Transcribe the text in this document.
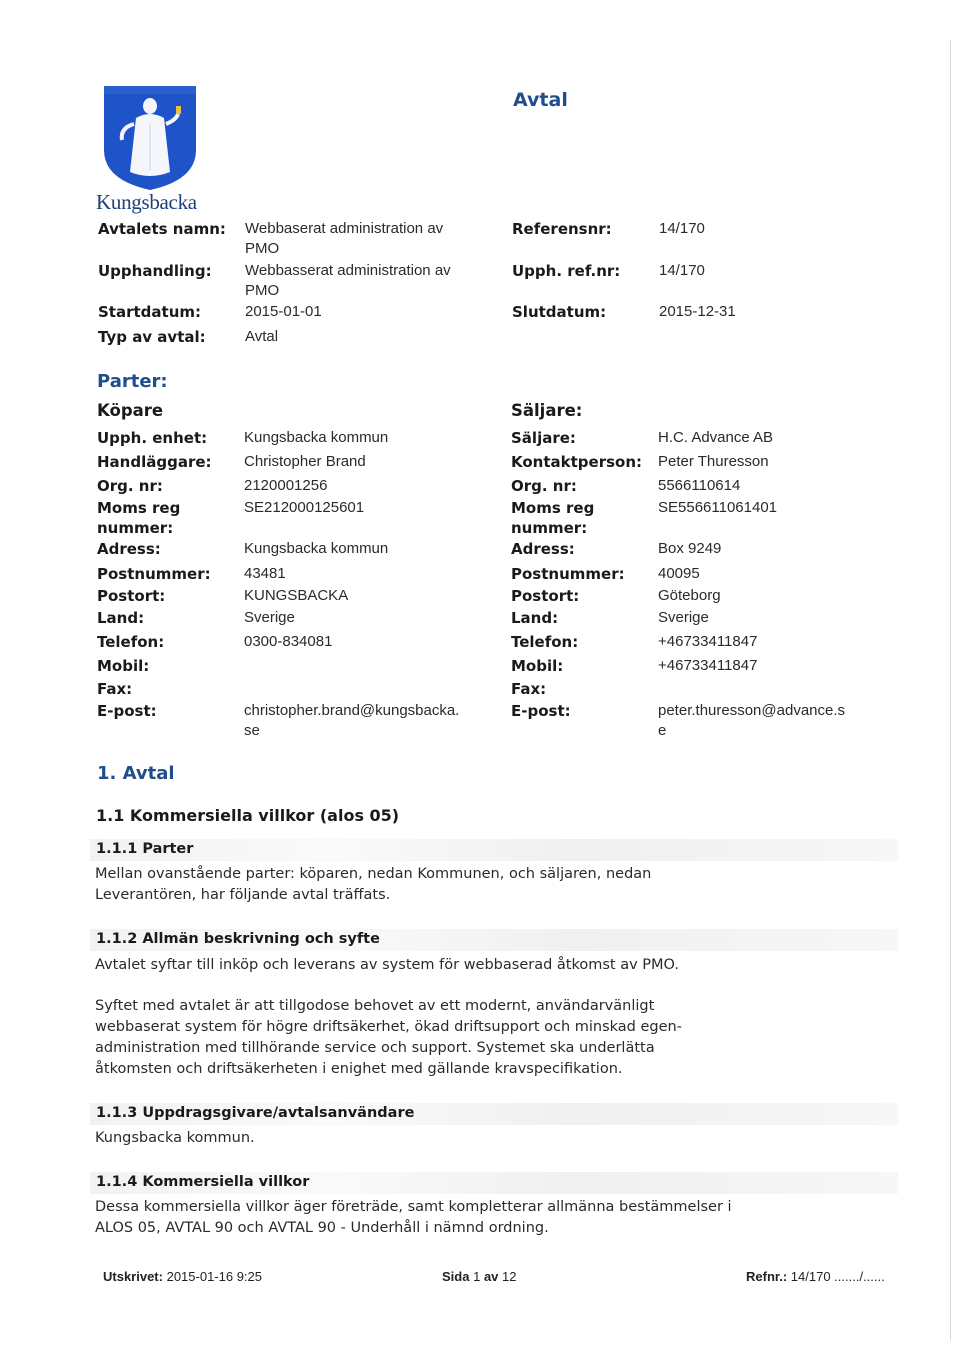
Kungsbacka
Avtal
Avtalets namn:	Webbaserat administration av PMO
Upphandling: Webbasserat administration av PMO
Startdatum:	2015-01-01
Typ av avtal:	Avtal
Referensnr:	14/170
Upph. ref.nr:	14/170
Slutdatum:	2015-12-31
Parter:
Köpare	Säljare:
Upph. enhet: Kungsbacka kommun
Handläggare: Christopher Brand
Org. nr:	2120001256
Moms reg nummer:
SE212000125601
Adress:	Kungsbacka kommun
Postnummer: 43481
Postort:	KUNGSBACKA
Land:	Sverige
Telefon:	0300-834081
Mobil:
Fax:
E-post:	christopher.brand@kungsbacka.se
Säljare:	H.C. Advance AB
Kontaktperson: Peter Thuresson
Org. nr:	5566110614
Moms reg nummer:
SE556611061401
Adress:	Box 9249
Postnummer: 40095
Postort:	Göteborg
Land:	Sverige
Telefon:	+46733411847
Mobil:	+46733411847
Fax:
E-post:	peter.thuresson@advance.se
1. Avtal
1.1 Kommersiella villkor (alos 05)
1.1.1 Parter
Mellan ovanstående parter: köparen, nedan Kommunen, och säljaren, nedan Leverantören, har följande avtal träffats.
1.1.2 Allmän beskrivning och syfte
Avtalet syftar till inköp och leverans av system för webbaserad åtkomst av PMO.
Syftet med avtalet är att tillgodose behovet av ett modernt, användarvänligt webbaserat system för högre driftsäkerhet, ökad driftsupport och minskad egen-administration med tillhörande service och support. Systemet ska underlätta åtkomsten och driftsäkerheten i enighet med gällande kravspecifikation.
1.1.3 Uppdragsgivare/avtalsanvändare
Kungsbacka kommun.
1.1.4 Kommersiella villkor
Dessa kommersiella villkor äger företräde, samt kompletterar allmänna bestämmelser i ALOS 05, AVTAL 90 och AVTAL 90 - Underhåll i nämnd ordning.
Utskrivet: 2015-01-16 9:25	Sida 1 av 12	Refnr.: 14/170 ......./......
